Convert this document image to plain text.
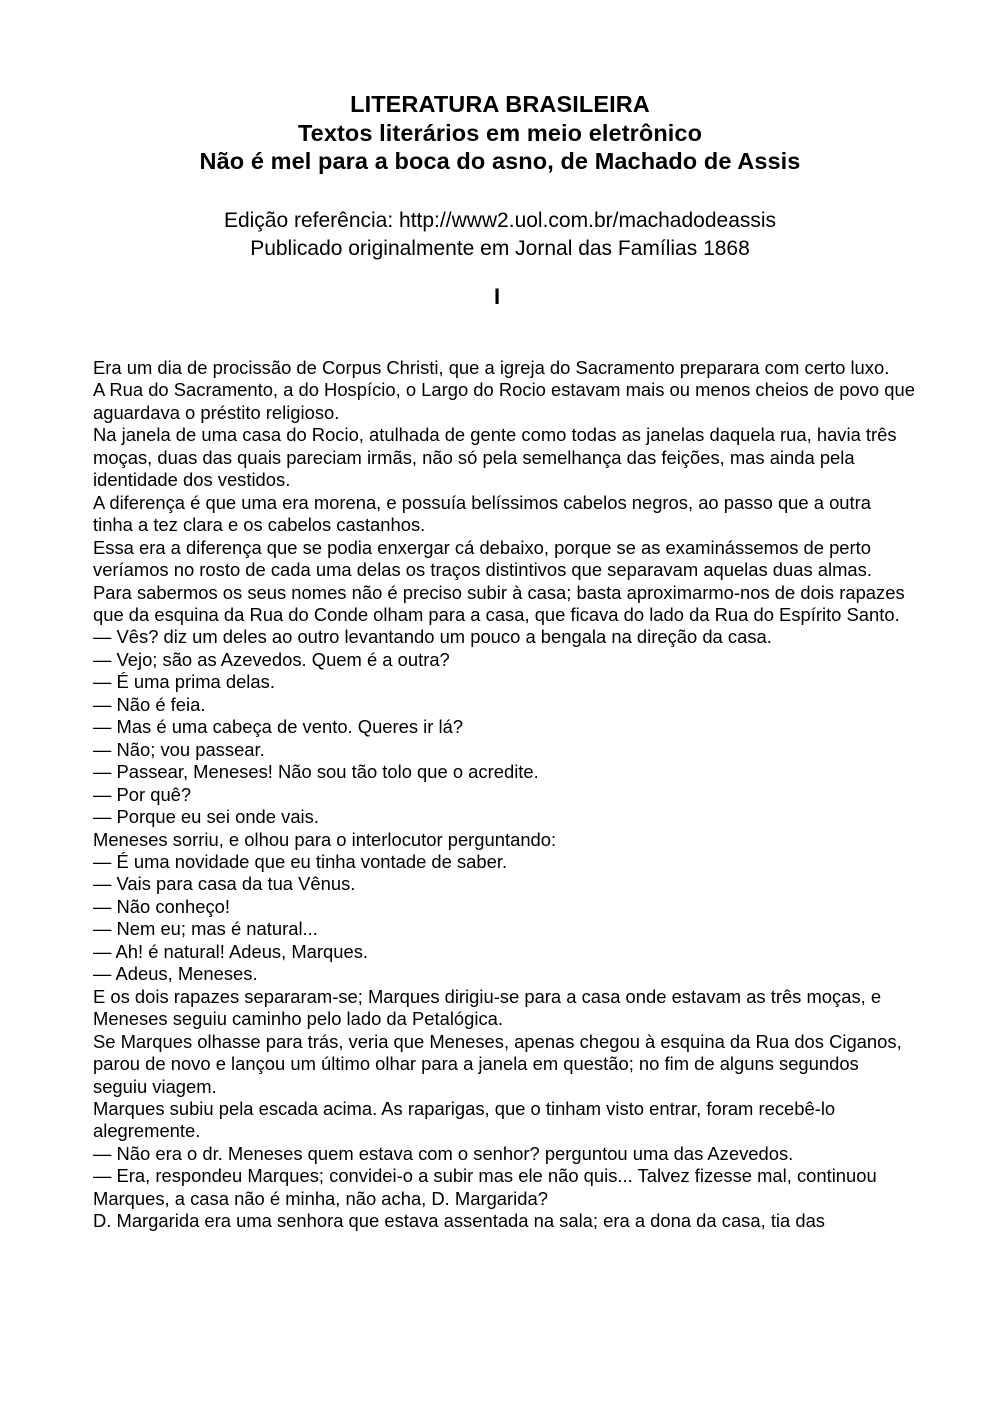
LITERATURA BRASILEIRA
Textos literários em meio eletrônico
Não é mel para a boca do asno, de Machado de Assis
Edição referência: http://www2.uol.com.br/machadodeassis
Publicado originalmente em Jornal das Famílias 1868
I

Era um dia de procissão de Corpus Christi, que a igreja do Sacramento preparara com certo luxo.

A Rua do Sacramento, a do Hospício, o Largo do Rocio estavam mais ou menos cheios de povo que aguardava o préstito religioso.

Na janela de uma casa do Rocio, atulhada de gente como todas as janelas daquela rua, havia três moças, duas das quais pareciam irmãs, não só pela semelhança das feições, mas ainda pela identidade dos vestidos.

A diferença é que uma era morena, e possuía belíssimos cabelos negros, ao passo que a outra tinha a tez clara e os cabelos castanhos.

Essa era a diferença que se podia enxergar cá debaixo, porque se as examinássemos de perto veríamos no rosto de cada uma delas os traços distintivos que separavam aquelas duas almas.

Para sabermos os seus nomes não é preciso subir à casa; basta aproximarmo-nos de dois rapazes que da esquina da Rua do Conde olham para a casa, que ficava do lado da Rua do Espírito Santo.

— Vês? diz um deles ao outro levantando um pouco a bengala na direção da casa.

— Vejo; são as Azevedos. Quem é a outra?

— É uma prima delas.

— Não é feia.

— Mas é uma cabeça de vento. Queres ir lá?

— Não; vou passear.

— Passear, Meneses! Não sou tão tolo que o acredite.

— Por quê?

— Porque eu sei onde vais.

Meneses sorriu, e olhou para o interlocutor perguntando:

— É uma novidade que eu tinha vontade de saber.

— Vais para casa da tua Vênus.

— Não conheço!

— Nem eu; mas é natural...

— Ah! é natural! Adeus, Marques.

— Adeus, Meneses.

E os dois rapazes separaram-se; Marques dirigiu-se para a casa onde estavam as três moças, e Meneses seguiu caminho pelo lado da Petalógica.

Se Marques olhasse para trás, veria que Meneses, apenas chegou à esquina da Rua dos Ciganos, parou de novo e lançou um último olhar para a janela em questão; no fim de alguns segundos seguiu viagem.

Marques subiu pela escada acima. As raparigas, que o tinham visto entrar, foram recebê-lo alegremente.

— Não era o dr. Meneses quem estava com o senhor? perguntou uma das Azevedos.

— Era, respondeu Marques; convidei-o a subir mas ele não quis... Talvez fizesse mal, continuou Marques, a casa não é minha, não acha, D. Margarida?

D. Margarida era uma senhora que estava assentada na sala; era a dona da casa, tia das
